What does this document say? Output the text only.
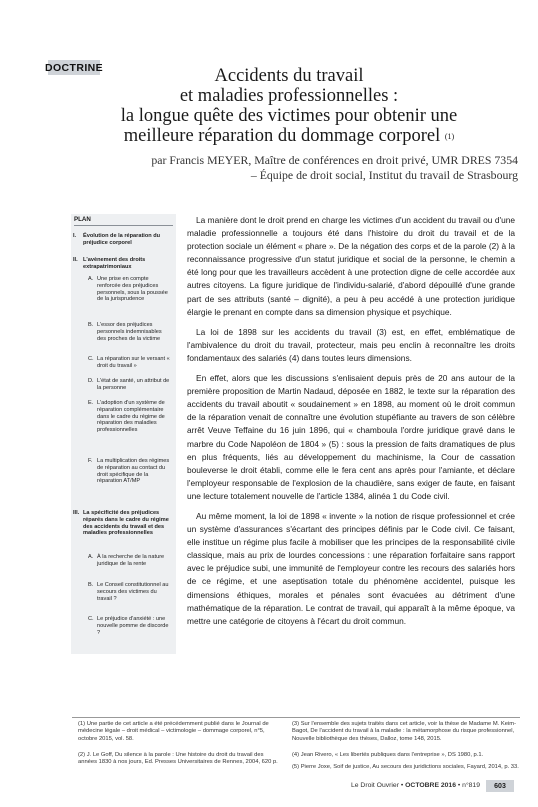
DOCTRINE	Accidents du travail
et maladies professionnelles :
la longue quête des victimes pour obtenir une
meilleure réparation du dommage corporel (1)
par Francis MEYER, Maître de conférences en droit privé, UMR DRES 7354
– Équipe de droit social, Institut du travail de Strasbourg
PLAN
I. Évolution de la réparation du préjudice corporel
II. L'avènement des droits extrapatrimoniaux
A. Une prise en compte renforcée des préjudices personnels, sous la poussée de la jurisprudence
B. L'essor des préjudices personnels indemnisables des proches de la victime
C. La réparation sur le versant « droit du travail »
D. L'état de santé, un attribut de la personne
E. L'adoption d'un système de réparation complémentaire dans le cadre du régime de réparation des maladies professionnelles
F. La multiplication des régimes de réparation au contact du droit spécifique de la réparation AT/MP
III. La spécificité des préjudices réparés dans le cadre du régime des accidents du travail et des maladies professionnelles
A. À la recherche de la nature juridique de la rente
B. Le Conseil constitutionnel au secours des victimes du travail ?
C. Le préjudice d'anxiété : une nouvelle pomme de discorde ?

La manière dont le droit prend en charge les victimes d'un accident du travail ou d'une maladie professionnelle a toujours été dans l'histoire du droit du travail et de la protection sociale un élément « phare ». De la négation des corps et de la parole (2) à la reconnaissance progressive d'un statut juridique et social de la personne, le chemin a été long pour que les travailleurs accèdent à une protection digne de celle accordée aux autres citoyens. La figure juridique de l'individu-salarié, d'abord dépouillé d'une grande part de ses attributs (santé – dignité), a peu à peu accédé à une protection juridique élargie le prenant en compte dans sa dimension physique et psychique.

La loi de 1898 sur les accidents du travail (3) est, en effet, emblématique de l'ambivalence du droit du travail, protecteur, mais peu enclin à reconnaître les droits fondamentaux des salariés (4) dans toutes leurs dimensions.

En effet, alors que les discussions s'enlisaient depuis près de 20 ans autour de la première proposition de Martin Nadaud, déposée en 1882, le texte sur la réparation des accidents du travail aboutit « soudainement » en 1898, au moment où le droit commun de la réparation venait de connaître une évolution stupéfiante au travers de son célèbre arrêt Veuve Teffaine du 16 juin 1896, qui « chamboula l'ordre juridique gravé dans le marbre du Code Napoléon de 1804 » (5) : sous la pression de faits dramatiques de plus en plus fréquents, liés au développement du machinisme, la Cour de cassation bouleverse le droit établi, comme elle le fera cent ans après pour l'amiante, et déclare l'employeur responsable de l'explosion de la chaudière, sans exiger de faute, en faisant une lecture totalement nouvelle de l'article 1384, alinéa 1 du Code civil.

Au même moment, la loi de 1898 « invente » la notion de risque professionnel et crée un système d'assurances s'écartant des principes définis par le Code civil. Ce faisant, elle institue un régime plus facile à mobiliser que les principes de la responsabilité civile classique, mais au prix de lourdes concessions : une réparation forfaitaire sans rapport avec le préjudice subi, une immunité de l'employeur contre les recours des salariés hors de ce régime, et une aseptisation totale du phénomène accidentel, puisque les dimensions éthiques, morales et pénales sont évacuées au détriment d'une mathématique de la réparation. Le contrat de travail, qui apparaît à la même époque, va mettre une catégorie de citoyens à l'écart du droit commun.

(1) Une partie de cet article a été précédemment publié dans le Journal de médecine légale – droit médical – victimologie – dommage corporel, n°5, octobre 2015, vol. 58.
(2) J. Le Goff, Du silence à la parole : Une histoire du droit du travail des années 1830 à nos jours, Ed. Presses Universitaires de Rennes, 2004, 620 p.
(3) Sur l'ensemble des sujets traités dans cet article, voir la thèse de Madame M. Keim-Bagot, De l'accident du travail à la maladie : la métamorphose du risque professionnel, Nouvelle bibliothèque des thèses, Dalloz, tome 148, 2015.
(4) Jean Rivero, « Les libertés publiques dans l'entreprise », DS 1980, p.1.
(5) Pierre Joxe, Soif de justice, Au secours des juridictions sociales, Fayard, 2014, p. 33.
Le Droit Ouvrier • OCTOBRE 2016 • n°819	603
